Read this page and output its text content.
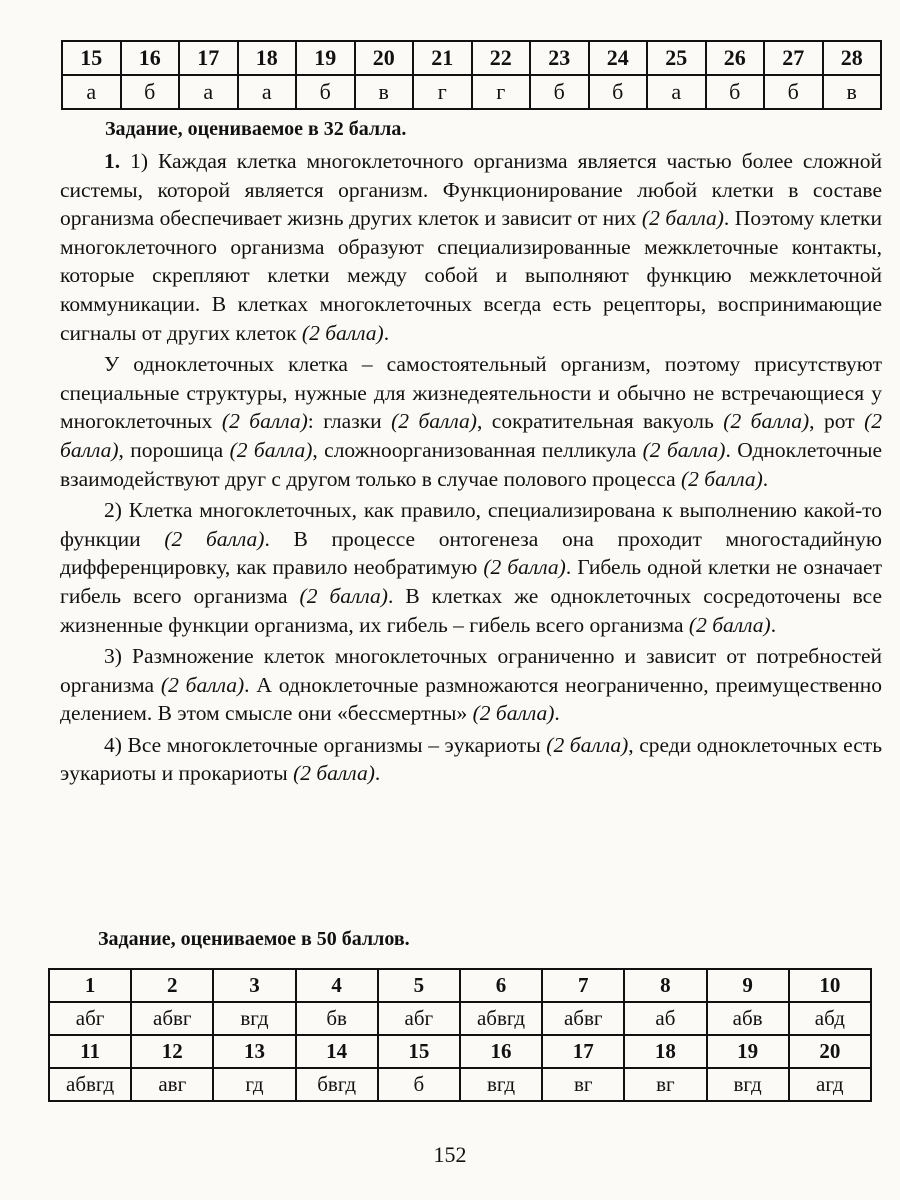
15	16	17	18	19	20	21	22	23	24	25	26	27	28
а	б	а	а	б	в	г	г	б	б	а	б	б	в
Задание, оцениваемое в 32 балла.

1. 1) Каждая клетка многоклеточного организма является частью более сложной системы, которой является организм. Функционирование любой клетки в составе организма обеспечивает жизнь других клеток и зависит от них (2 балла). Поэтому клетки многоклеточного организма образуют специализированные межклеточные контакты, которые скрепляют клетки между собой и выполняют функцию межклеточной коммуникации. В клетках многоклеточных всегда есть рецепторы, воспринимающие сигналы от других клеток (2 балла).

У одноклеточных клетка – самостоятельный организм, поэтому присутствуют специальные структуры, нужные для жизнедеятельности и обычно не встречающиеся у многоклеточных (2 балла): глазки (2 балла), сократительная вакуоль (2 балла), рот (2 балла), порошица (2 балла), сложноорганизованная пелликула (2 балла). Одноклеточные взаимодействуют друг с другом только в случае полового процесса (2 балла).

2) Клетка многоклеточных, как правило, специализирована к выполнению какой-то функции (2 балла). В процессе онтогенеза она проходит многостадийную дифференцировку, как правило необратимую (2 балла). Гибель одной клетки не означает гибель всего организма (2 балла). В клетках же одноклеточных сосредоточены все жизненные функции организма, их гибель – гибель всего организма (2 балла).

3) Размножение клеток многоклеточных ограниченно и зависит от потребностей организма (2 балла). А одноклеточные размножаются неограниченно, преимущественно делением. В этом смысле они «бессмертны» (2 балла).

4) Все многоклеточные организмы – эукариоты (2 балла), среди одноклеточных есть эукариоты и прокариоты (2 балла).

Задание, оцениваемое в 50 баллов.
1	2	3	4	5	6	7	8	9	10
абг	абвг	вгд	бв	абг	абвгд	абвг	аб	абв	абд
11	12	13	14	15	16	17	18	19	20
абвгд	авг	гд	бвгд	б	вгд	вг	вг	вгд	агд
152
